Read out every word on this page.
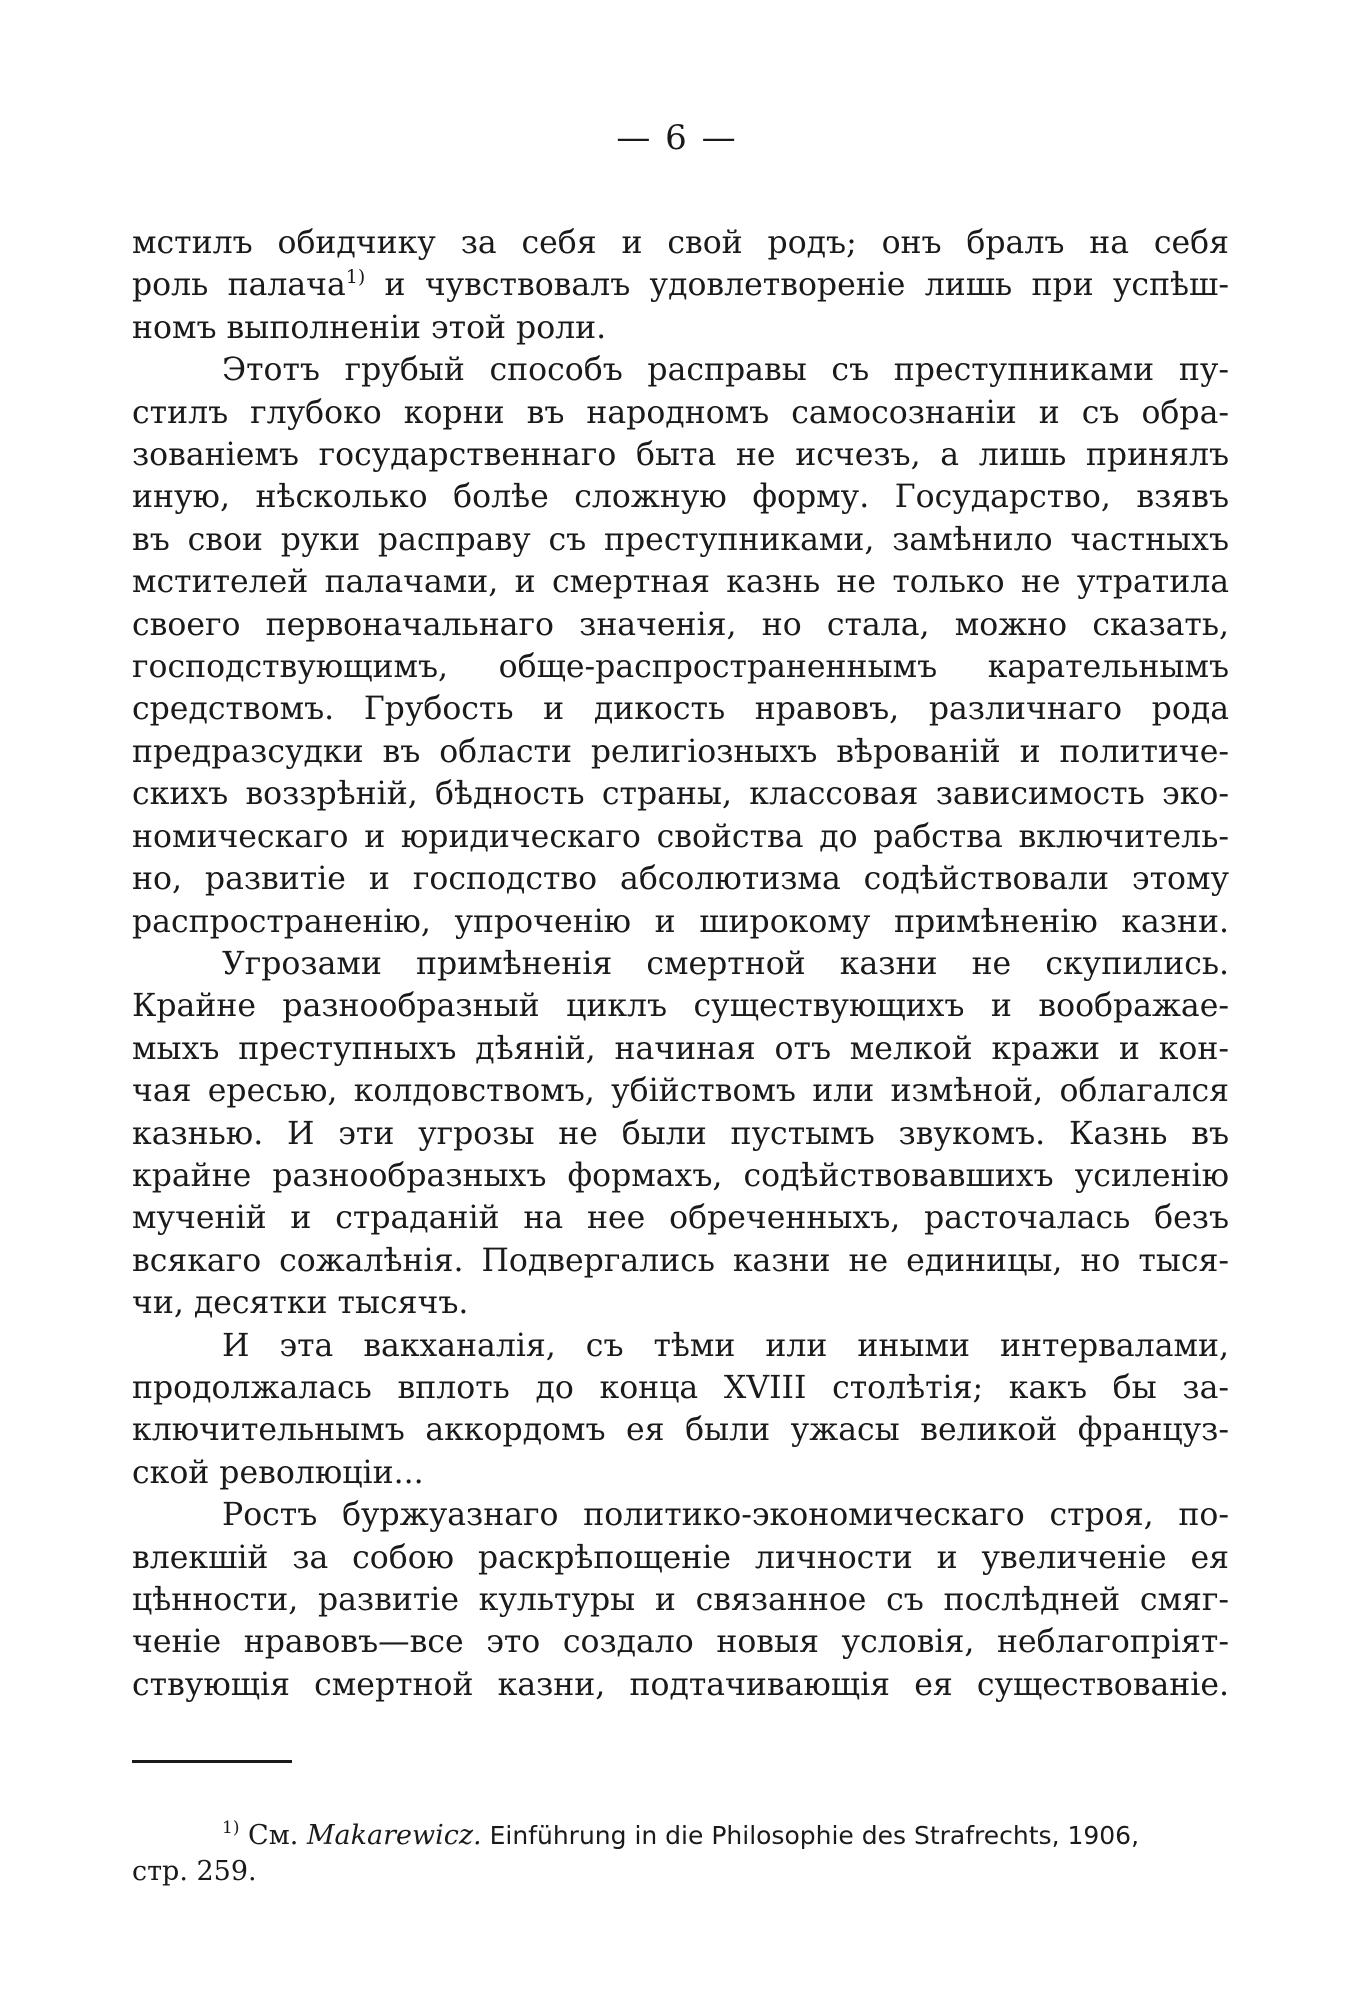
— 6 —

мстилъ обидчику за себя и свой родъ; онъ бралъ на себя
роль палача$^{1)}$ и чувствовалъ удовлетвореніе лишь при успѣш-
номъ выполненіи этой роли.

Этотъ грубый способъ расправы съ преступниками пу-
стилъ глубоко корни въ народномъ самосознаніи и съ обра-
зованіемъ государственнаго быта не исчезъ, а лишь принялъ
иную, нѣсколько болѣе сложную форму. Государство, взявъ
въ свои руки расправу съ преступниками, замѣнило частныхъ
мстителей палачами, и смертная казнь не только не утратила
своего первоначальнаго значенія, но стала, можно сказать,
господствующимъ, обще-распространеннымъ карательнымъ
средствомъ. Грубость и дикость нравовъ, различнаго рода
предразсудки въ области религіозныхъ вѣрованій и политиче-
скихъ воззрѣній, бѣдность страны, классовая зависимость эко-
номическаго и юридическаго свойства до рабства включитель-
но, развитіе и господство абсолютизма содѣйствовали этому
распространенію, упроченію и широкому примѣненію казни.

Угрозами примѣненія смертной казни не скупились.
Крайне разнообразный циклъ существующихъ и воображае-
мыхъ преступныхъ дѣяній, начиная отъ мелкой кражи и кон-
чая ересью, колдовствомъ, убійствомъ или измѣной, облагался
казнью. И эти угрозы не были пустымъ звукомъ. Казнь въ
крайне разнообразныхъ формахъ, содѣйствовавшихъ усиленію
мученій и страданій на нее обреченныхъ, расточалась безъ
всякаго сожалѣнія. Подвергались казни не единицы, но тыся-
чи, десятки тысячъ.

И эта вакханалія, съ тѣми или иными интервалами,
продолжалась вплоть до конца XVIII столѣтія; какъ бы за-
ключительнымъ аккордомъ ея были ужасы великой француз-
ской революціи...

Ростъ буржуазнаго политико-экономическаго строя, по-
влекшій за собою раскрѣпощеніе личности и увеличеніе ея
цѣнности, развитіе культуры и связанное съ послѣдней смяг-
ченіе нравовъ—все это создало новыя условія, неблагопріят-
ствующія смертной казни, подтачивающія ея существованіе.

$^{1)}$ См. Makarewicz. Einführung in die Philosophie des Strafrechts, 1906,
стр. 259.
